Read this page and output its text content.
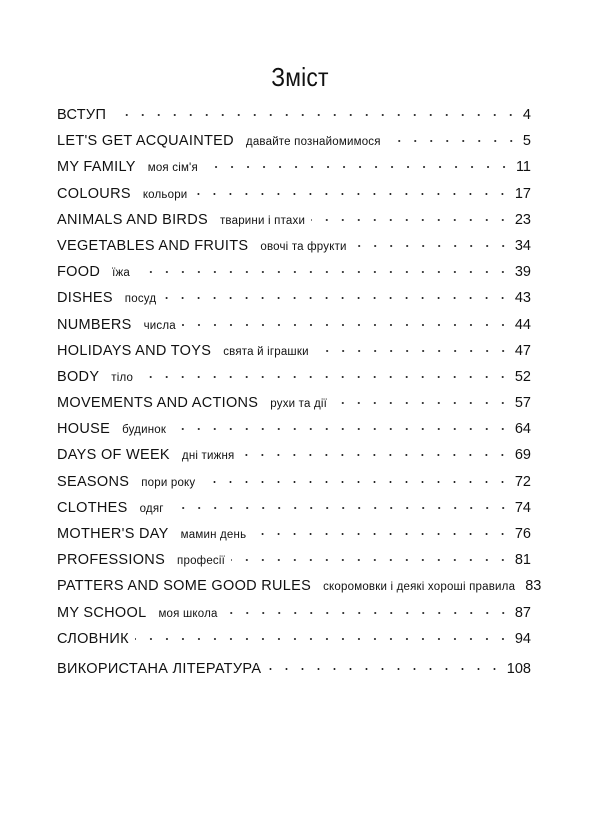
Зміст
ВСТУП	4
LET'S GET ACQUAINTED давайте познайомимося	5
MY FAMILY моя сім'я	11
COLOURS кольори	17
ANIMALS AND BIRDS тварини і птахи	23
VEGETABLES AND FRUITS овочі та фрукти	34
FOOD їжа	39
DISHES посуд	43
NUMBERS числа	44
HOLIDAYS AND TOYS свята й іграшки	47
BODY тіло	52
MOVEMENTS AND ACTIONS рухи та дії	57
HOUSE будинок	64
DAYS OF WEEK дні тижня	69
SEASONS пори року	72
CLOTHES одяг	74
MOTHER'S DAY мамин день	76
PROFESSIONS професії	81
PATTERS AND SOME GOOD RULES скоромовки і деякі хороші правила 83
MY SCHOOL моя школа	87
СЛОВНИК	94
ВИКОРИСТАНА ЛІТЕРАТУРА	108
